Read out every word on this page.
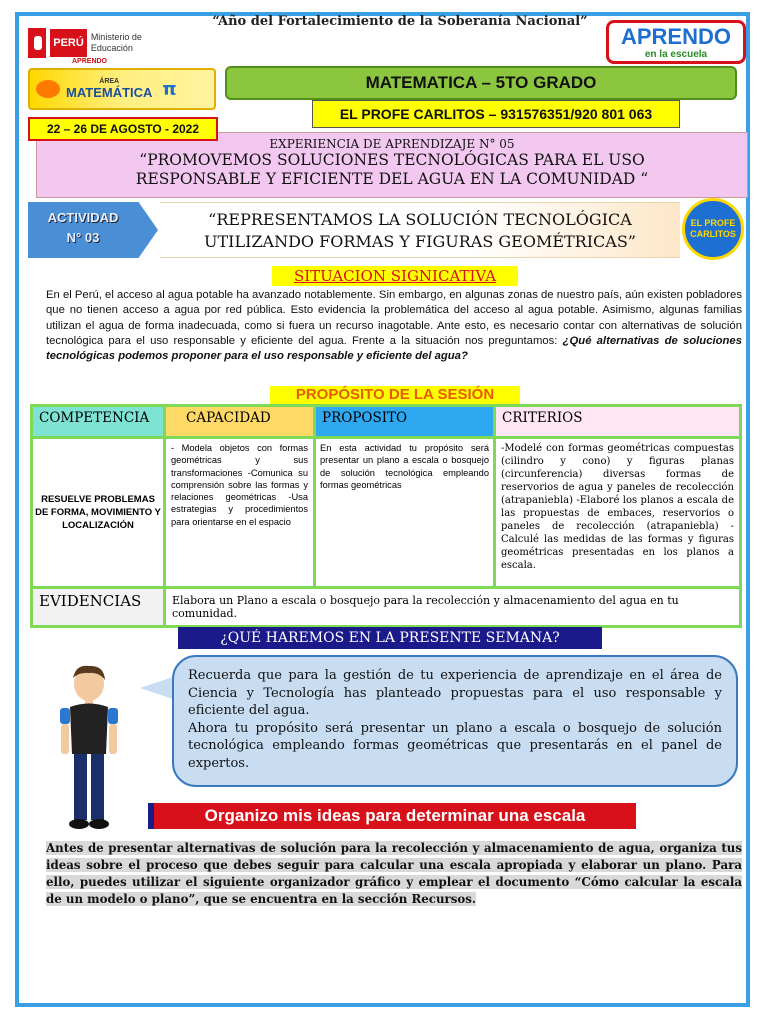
“Año del Fortalecimiento de la Soberanía Nacional”
PERÚ Ministerio de Educación
APRENDO
APRENDO
en la escuela
ÁREA
MATEMÁTICA π	MATEMATICA – 5TO GRADO
EXPERIENCIA DE APRENDIZAJE N° 05
“PROMOVEMOS SOLUCIONES TECNOLÓGICAS PARA EL USO
RESPONSABLE Y EFICIENTE DEL AGUA EN LA COMUNIDAD “
EL PROFE CARLITOS – 931576351/920 801 063
22 – 26 DE AGOSTO - 2022
ACTIVIDAD
N° 03
“REPRESENTAMOS LA SOLUCIÓN TECNOLÓGICA
UTILIZANDO FORMAS Y FIGURAS GEOMÉTRICAS”
EL PROFE CARLITOS
SITUACION SIGNICATIVA
En el Perú, el acceso al agua potable ha avanzado notablemente. Sin embargo, en algunas zonas de nuestro país, aún existen pobladores que no tienen acceso a agua por red pública. Esto evidencia la problemática del acceso al agua potable. Asimismo, algunas familias utilizan el agua de forma inadecuada, como si fuera un recurso inagotable. Ante esto, es necesario contar con alternativas de solución tecnológica para el uso responsable y eficiente del agua. Frente a la situación nos preguntamos: ¿Qué alternativas de soluciones tecnológicas podemos proponer para el uso responsable y eficiente del agua?
PROPÓSITO DE LA SESIÓN
COMPETENCIA	CAPACIDAD	PROPOSITO	CRITERIOS
RESUELVE PROBLEMAS DE FORMA, MOVIMIENTO Y LOCALIZACIÓN	- Modela objetos con formas geométricas y sus transformaciones -Comunica su comprensión sobre las formas y relaciones geométricas -Usa estrategias y procedimientos para orientarse en el espacio	En esta actividad tu propósito será presentar un plano a escala o bosquejo de solución tecnológica empleando formas geométricas	-Modelé con formas geométricas compuestas (cilindro y cono) y figuras planas (circunferencia) diversas formas de reservorios de agua y paneles de recolección (atrapaniebla) -Elaboré los planos a escala de las propuestas de embaces, reservorios o paneles de recolección (atrapaniebla) -Calculé las medidas de las formas y figuras geométricas presentadas en los planos a escala.
EVIDENCIAS	Elabora un Plano a escala o bosquejo para la recolección y almacenamiento del agua en tu comunidad.		
¿QUÉ HAREMOS EN LA PRESENTE SEMANA?
Recuerda que para la gestión de tu experiencia de aprendizaje en el área de Ciencia y Tecnología has planteado propuestas para el uso responsable y eficiente del agua.
Ahora tu propósito será presentar un plano a escala o bosquejo de solución tecnológica empleando formas geométricas que presentarás en el panel de expertos.
Organizo mis ideas para determinar una escala
Antes de presentar alternativas de solución para la recolección y almacenamiento de agua, organiza tus ideas sobre el proceso que debes seguir para calcular una escala apropiada y elaborar un plano. Para ello, puedes utilizar el siguiente organizador gráfico y emplear el documento “Cómo calcular la escala de un modelo o plano”, que se encuentra en la sección Recursos.
